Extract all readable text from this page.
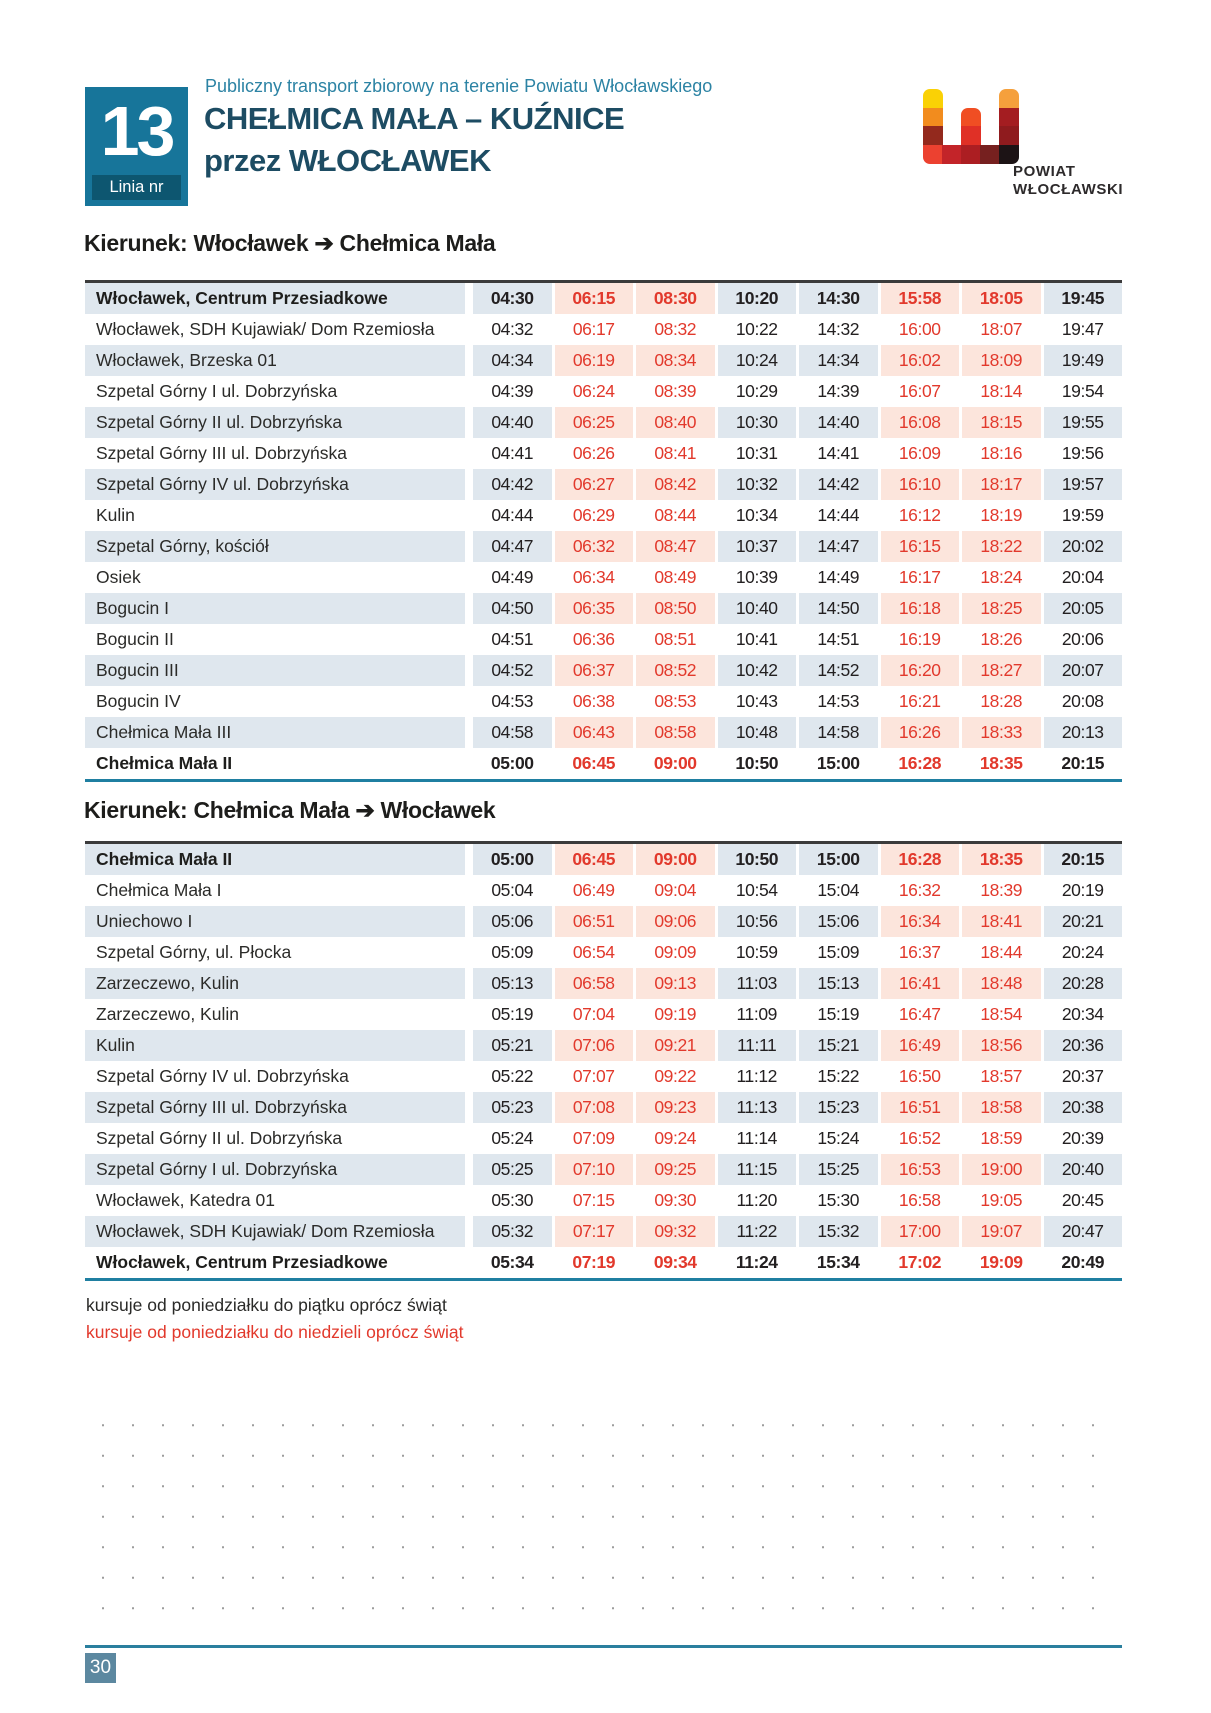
13
Linia nr
Publiczny transport zbiorowy na terenie Powiatu Włocławskiego
CHEŁMICA MAŁA – KUŹNICE
przez WŁOCŁAWEK	POWIAT
WŁOCŁAWSKI
Kierunek: Włocławek ➔ Chełmica Mała
Włocławek, Centrum Przesiadkowe	04:30	06:15	08:30	10:20	14:30	15:58	18:05	19:45
Włocławek, SDH Kujawiak/ Dom Rzemiosła	04:32	06:17	08:32	10:22	14:32	16:00	18:07	19:47
Włocławek, Brzeska 01	04:34	06:19	08:34	10:24	14:34	16:02	18:09	19:49
Szpetal Górny I ul. Dobrzyńska	04:39	06:24	08:39	10:29	14:39	16:07	18:14	19:54
Szpetal Górny II ul. Dobrzyńska	04:40	06:25	08:40	10:30	14:40	16:08	18:15	19:55
Szpetal Górny III ul. Dobrzyńska	04:41	06:26	08:41	10:31	14:41	16:09	18:16	19:56
Szpetal Górny IV ul. Dobrzyńska	04:42	06:27	08:42	10:32	14:42	16:10	18:17	19:57
Kulin	04:44	06:29	08:44	10:34	14:44	16:12	18:19	19:59
Szpetal Górny, kościół	04:47	06:32	08:47	10:37	14:47	16:15	18:22	20:02
Osiek	04:49	06:34	08:49	10:39	14:49	16:17	18:24	20:04
Bogucin I	04:50	06:35	08:50	10:40	14:50	16:18	18:25	20:05
Bogucin II	04:51	06:36	08:51	10:41	14:51	16:19	18:26	20:06
Bogucin III	04:52	06:37	08:52	10:42	14:52	16:20	18:27	20:07
Bogucin IV	04:53	06:38	08:53	10:43	14:53	16:21	18:28	20:08
Chełmica Mała III	04:58	06:43	08:58	10:48	14:58	16:26	18:33	20:13
Chełmica Mała II	05:00	06:45	09:00	10:50	15:00	16:28	18:35	20:15
Kierunek: Chełmica Mała ➔ Włocławek
Chełmica Mała II	05:00	06:45	09:00	10:50	15:00	16:28	18:35	20:15
Chełmica Mała I	05:04	06:49	09:04	10:54	15:04	16:32	18:39	20:19
Uniechowo I	05:06	06:51	09:06	10:56	15:06	16:34	18:41	20:21
Szpetal Górny, ul. Płocka	05:09	06:54	09:09	10:59	15:09	16:37	18:44	20:24
Zarzeczewo, Kulin	05:13	06:58	09:13	11:03	15:13	16:41	18:48	20:28
Zarzeczewo, Kulin	05:19	07:04	09:19	11:09	15:19	16:47	18:54	20:34
Kulin	05:21	07:06	09:21	11:11	15:21	16:49	18:56	20:36
Szpetal Górny IV ul. Dobrzyńska	05:22	07:07	09:22	11:12	15:22	16:50	18:57	20:37
Szpetal Górny III ul. Dobrzyńska	05:23	07:08	09:23	11:13	15:23	16:51	18:58	20:38
Szpetal Górny II ul. Dobrzyńska	05:24	07:09	09:24	11:14	15:24	16:52	18:59	20:39
Szpetal Górny I ul. Dobrzyńska	05:25	07:10	09:25	11:15	15:25	16:53	19:00	20:40
Włocławek, Katedra 01	05:30	07:15	09:30	11:20	15:30	16:58	19:05	20:45
Włocławek, SDH Kujawiak/ Dom Rzemiosła	05:32	07:17	09:32	11:22	15:32	17:00	19:07	20:47
Włocławek, Centrum Przesiadkowe	05:34	07:19	09:34	11:24	15:34	17:02	19:09	20:49
kursuje od poniedziałku do piątku oprócz świąt
kursuje od poniedziałku do niedzieli oprócz świąt
30
